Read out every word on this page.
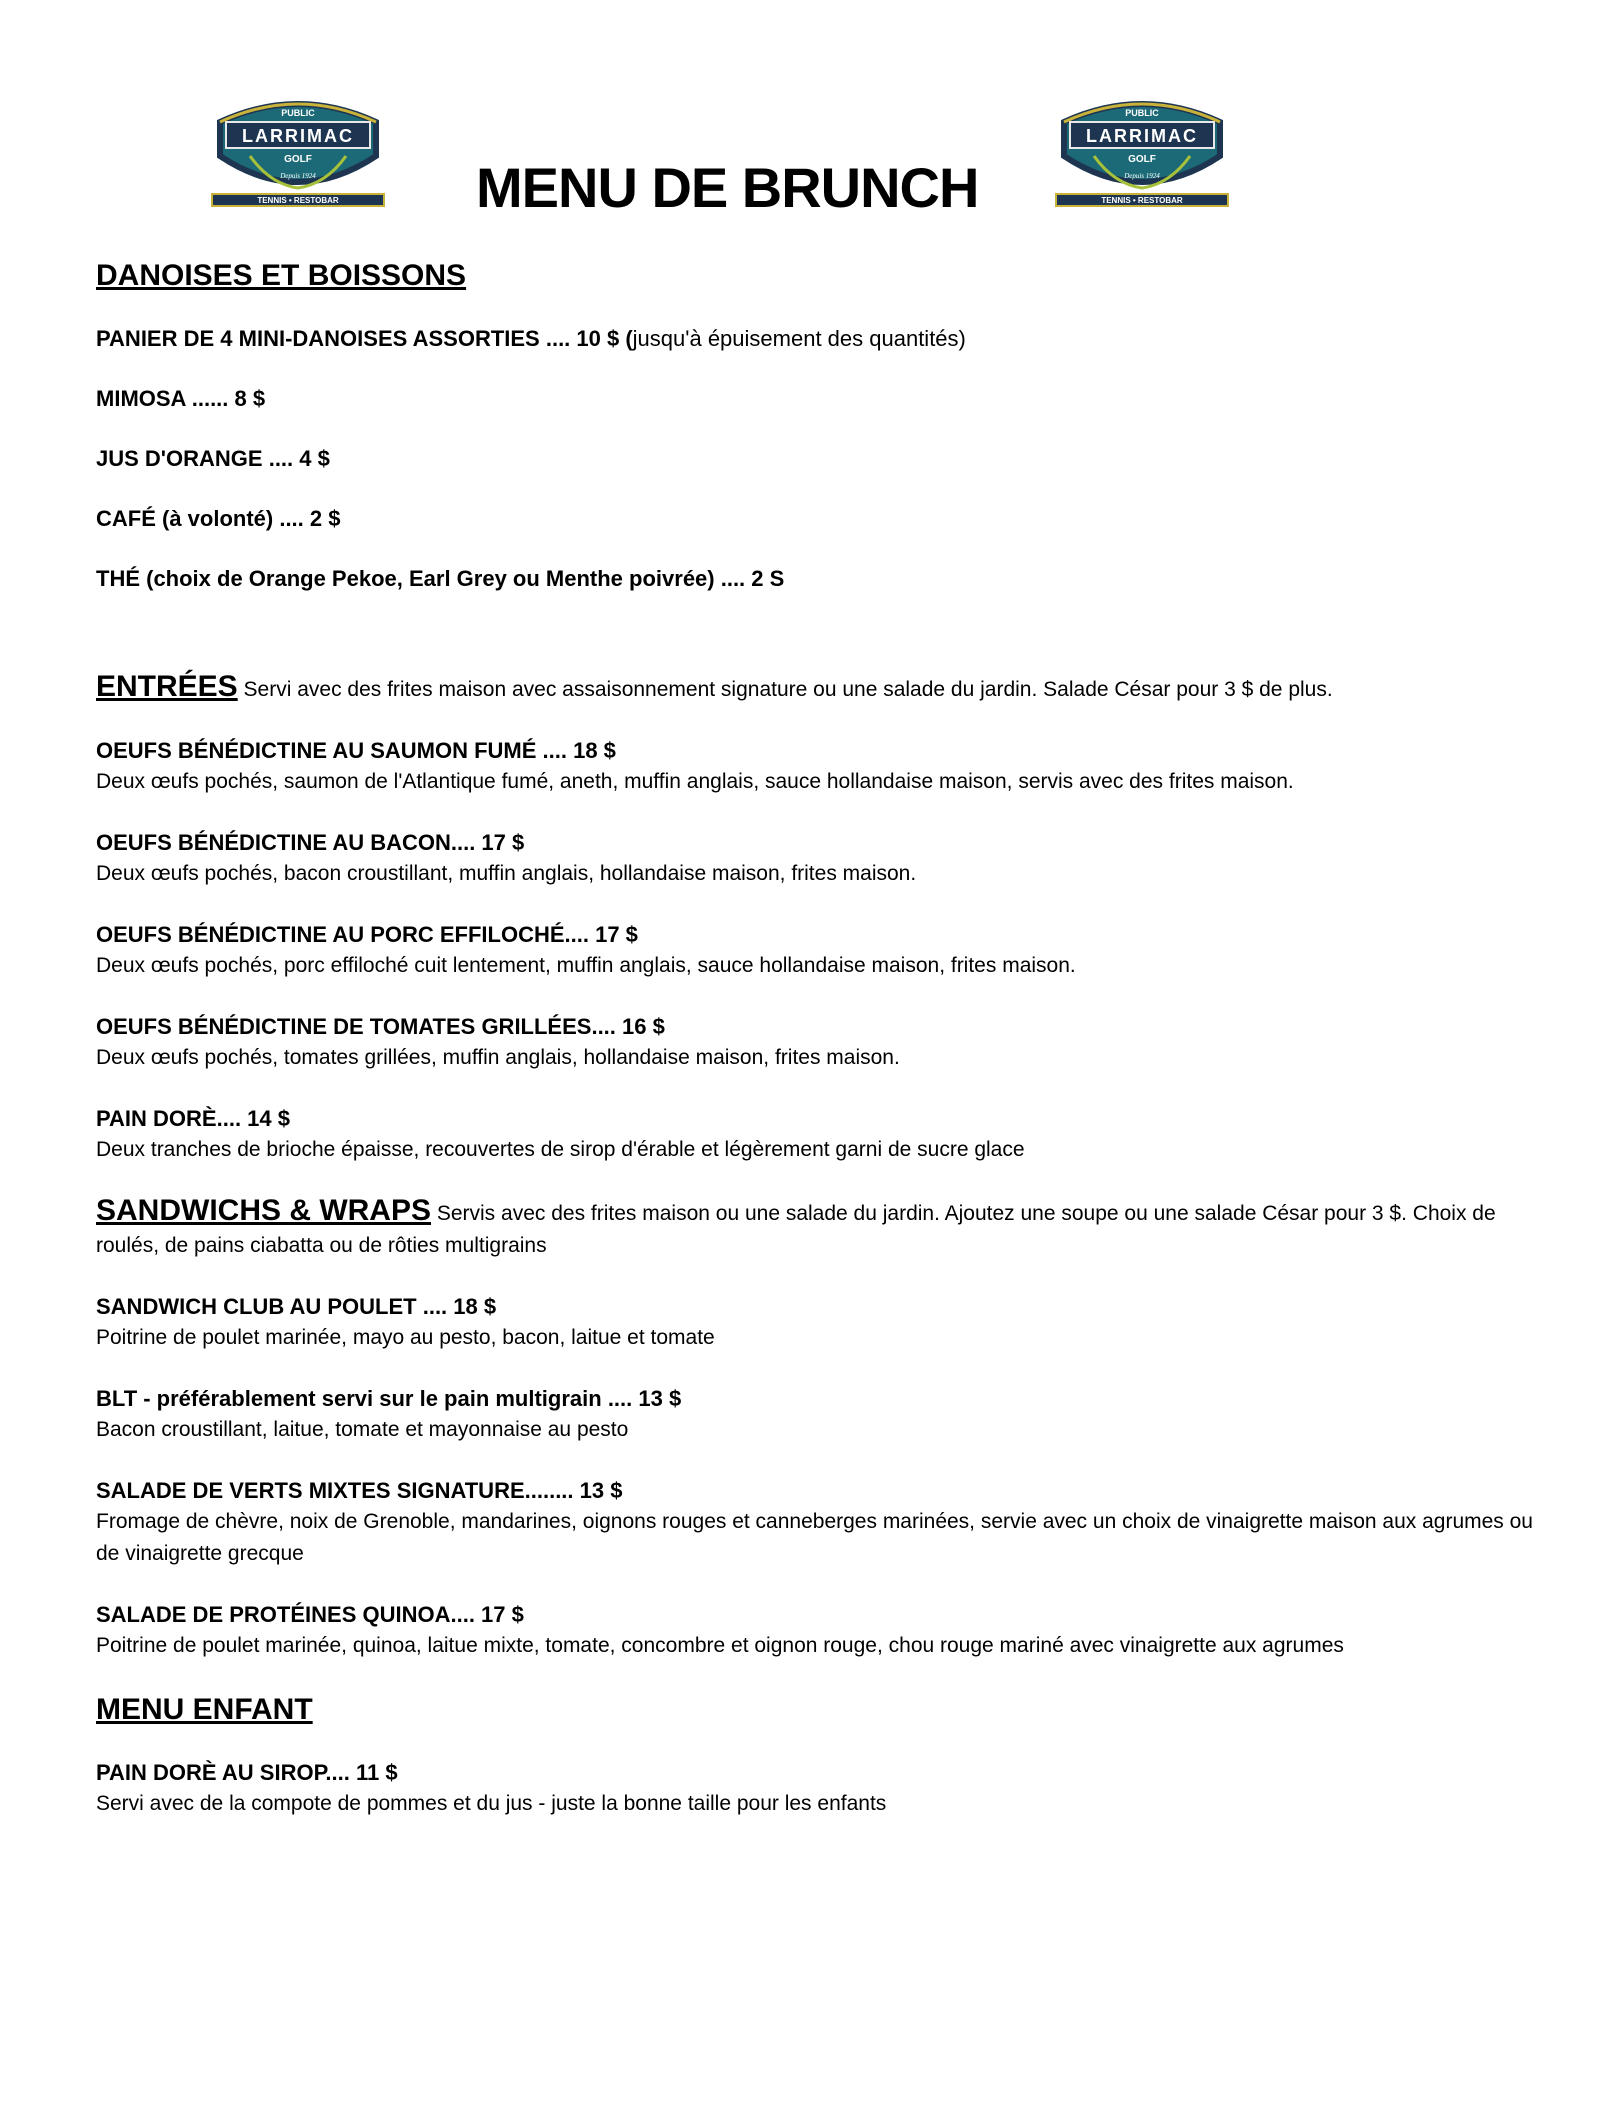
PUBLIC
LARRIMAC
GOLF
Depuis 1924
TENNIS • RESTOBAR MENU DE BRUNCH
PUBLIC
LARRIMAC
GOLF
Depuis 1924
TENNIS • RESTOBAR
DANOISES ET BOISSONS

PANIER DE 4 MINI-DANOISES ASSORTIES .... 10 $ (jusqu'à épuisement des quantités)

MIMOSA ...... 8 $

JUS D'ORANGE .... 4 $

CAFÉ (à volonté) .... 2 $

THÉ (choix de Orange Pekoe, Earl Grey ou Menthe poivrée) .... 2 S

ENTRÉES Servi avec des frites maison avec assaisonnement signature ou une salade du jardin. Salade César pour 3 $ de plus.

OEUFS BÉNÉDICTINE AU SAUMON FUMÉ .... 18 $

Deux œufs pochés, saumon de l'Atlantique fumé, aneth, muffin anglais, sauce hollandaise maison, servis avec des frites maison.

OEUFS BÉNÉDICTINE AU BACON.... 17 $

Deux œufs pochés, bacon croustillant, muffin anglais, hollandaise maison, frites maison.

OEUFS BÉNÉDICTINE AU PORC EFFILOCHÉ.... 17 $

Deux œufs pochés, porc effiloché cuit lentement, muffin anglais, sauce hollandaise maison, frites maison.

OEUFS BÉNÉDICTINE DE TOMATES GRILLÉES.... 16 $

Deux œufs pochés, tomates grillées, muffin anglais, hollandaise maison, frites maison.

PAIN DORÈ.... 14 $

Deux tranches de brioche épaisse, recouvertes de sirop d'érable et légèrement garni de sucre glace

SANDWICHS & WRAPS Servis avec des frites maison ou une salade du jardin. Ajoutez une soupe ou une salade César pour 3 $. Choix de roulés, de pains ciabatta ou de rôties multigrains

SANDWICH CLUB AU POULET .... 18 $

Poitrine de poulet marinée, mayo au pesto, bacon, laitue et tomate

BLT - préférablement servi sur le pain multigrain .... 13 $

Bacon croustillant, laitue, tomate et mayonnaise au pesto

SALADE DE VERTS MIXTES SIGNATURE........ 13 $

Fromage de chèvre, noix de Grenoble, mandarines, oignons rouges et canneberges marinées, servie avec un choix de vinaigrette maison aux agrumes ou de vinaigrette grecque

SALADE DE PROTÉINES QUINOA.... 17 $

Poitrine de poulet marinée, quinoa, laitue mixte, tomate, concombre et oignon rouge, chou rouge mariné avec vinaigrette aux agrumes

MENU ENFANT

PAIN DORÈ AU SIROP.... 11 $

Servi avec de la compote de pommes et du jus - juste la bonne taille pour les enfants
